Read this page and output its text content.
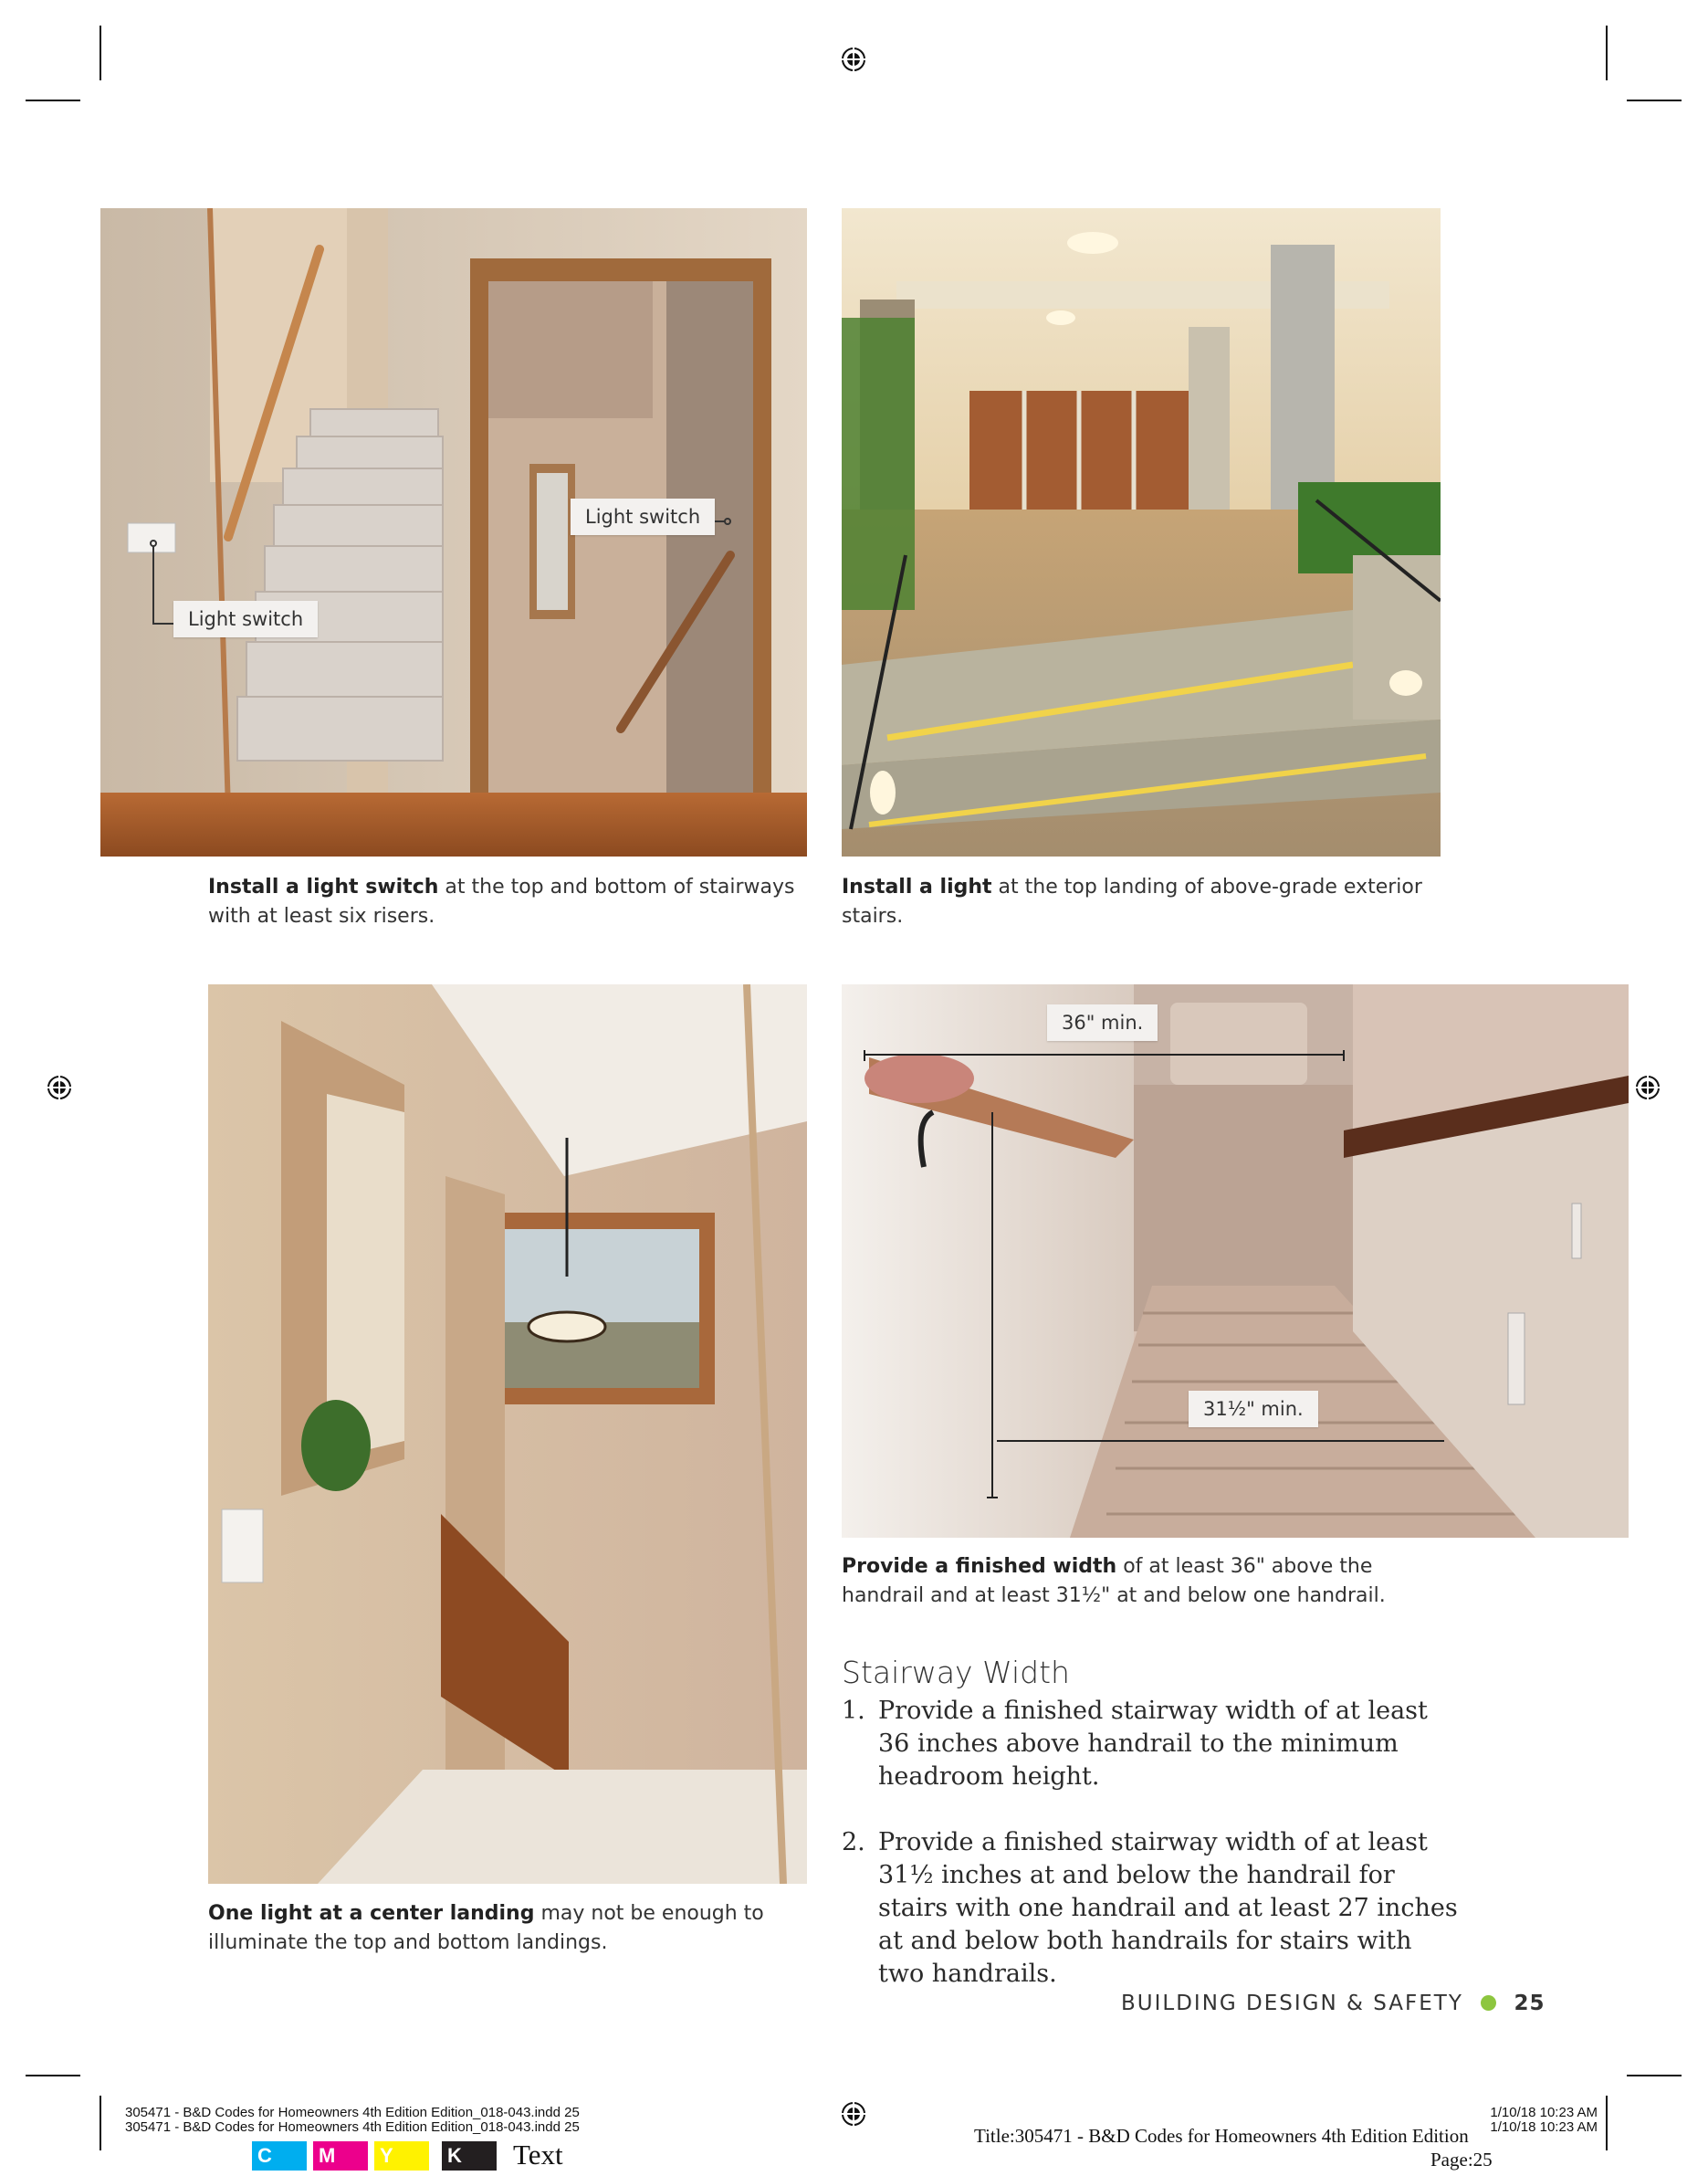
Light switch
Light switch
Install a light switch at the top and bottom of stairways with at least six risers.
Install a light at the top landing of above-grade exterior stairs.
One light at a center landing may not be enough to illuminate the top and bottom landings.
36" min.
31½" min.
Provide a finished width of at least 36" above the handrail and at least 31½" at and below one handrail.
Stairway Width
1. Provide a finished stairway width of at least 36 inches above handrail to the minimum headroom height.
2. Provide a finished stairway width of at least 31½ inches at and below the handrail for stairs with one handrail and at least 27 inches at and below both handrails for stairs with two handrails.
BUILDING DESIGN & SAFETY 25
305471 - B&D Codes for Homeowners 4th Edition Edition_018-043.indd 25
305471 - B&D Codes for Homeowners 4th Edition Edition_018-043.indd 25
1/10/18 10:23 AM
1/10/18 10:23 AM
Title:305471 - B&D Codes for Homeowners 4th Edition Edition
Page:25
C	M	Y	K	Text
